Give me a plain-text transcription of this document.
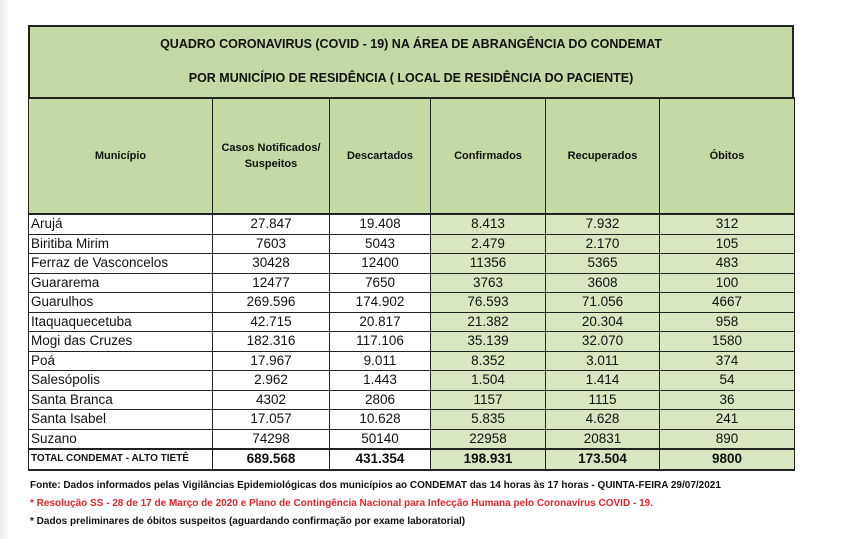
QUADRO CORONAVIRUS (COVID - 19) NA ÁREA DE ABRANGÊNCIA DO CONDEMAT
POR MUNICÍPIO DE RESIDÊNCIA ( LOCAL DE RESIDÊNCIA DO PACIENTE)
Município	Casos Notificados/ Suspeitos	Descartados	Confirmados	Recuperados	Óbitos
Arujá	27.847	19.408	8.413	7.932	312
Biritiba Mirim	7603	5043	2.479	2.170	105
Ferraz de Vasconcelos	30428	12400	11356	5365	483
Guararema	12477	7650	3763	3608	100
Guarulhos	269.596	174.902	76.593	71.056	4667
Itaquaquecetuba	42.715	20.817	21.382	20.304	958
Mogi das Cruzes	182.316	117.106	35.139	32.070	1580
Poá	17.967	9.011	8.352	3.011	374
Salesópolis	2.962	1.443	1.504	1.414	54
Santa Branca	4302	2806	1157	1115	36
Santa Isabel	17.057	10.628	5.835	4.628	241
Suzano	74298	50140	22958	20831	890
TOTAL CONDEMAT - ALTO TIETÊ	689.568	431.354	198.931	173.504	9800
Fonte: Dados informados pelas Vigilâncias Epidemiológicas dos municípios ao CONDEMAT das 14 horas às 17 horas - QUINTA-FEIRA 29/07/2021
* Resolução SS - 28 de 17 de Março de 2020 e Plano de Contingência Nacional para Infecção Humana pelo Coronavírus COVID - 19.
* Dados preliminares de óbitos suspeitos (aguardando confirmação por exame laboratorial)
